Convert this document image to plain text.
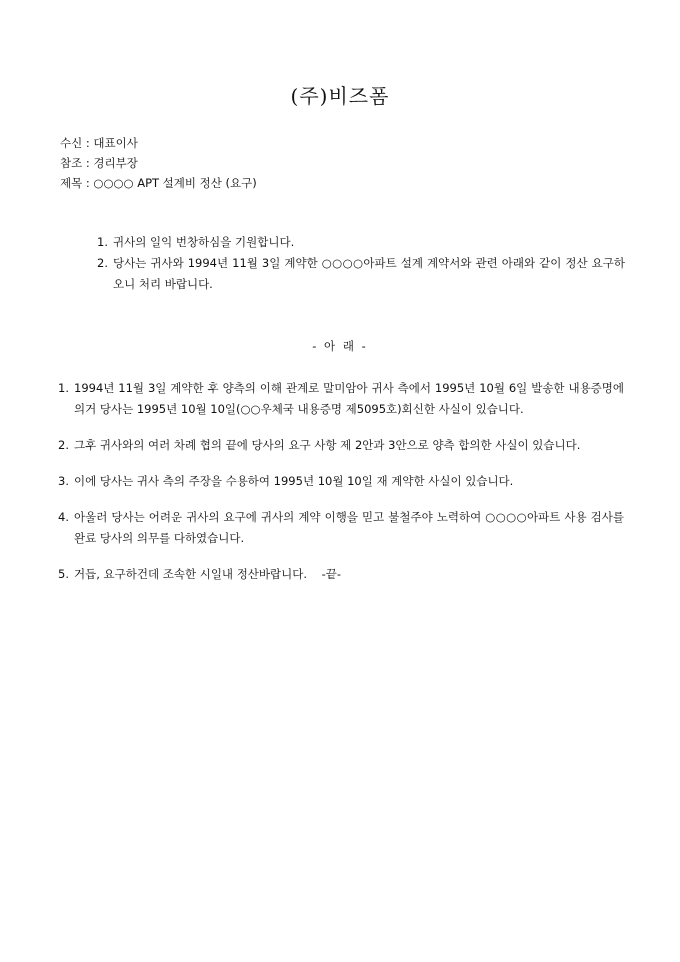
(주)비즈폼
수신 : 대표이사
참조 : 경리부장
제목 : ○○○○ APT 설계비 정산 (요구)
1. 귀사의 일익 번창하심을 기원합니다.
2. 당사는 귀사와 1994년 11월 3일 계약한 ○○○○아파트 설계 계약서와 관련 아래와 같이 정산 요구하오니 처리 바랍니다.
- 아 래 -
1. 1994년 11월 3일 계약한 후 양측의 이해 관계로 말미암아 귀사 측에서 1995년 10월 6일 발송한 내용증명에 의거 당사는 1995년 10월 10일(○○우체국 내용증명 제5095호)회신한 사실이 있습니다.
2. 그후 귀사와의 여러 차례 협의 끝에 당사의 요구 사항 제 2안과 3안으로 양측 합의한 사실이 있습니다.
3. 이에 당사는 귀사 측의 주장을 수용하여 1995년 10월 10일 재 계약한 사실이 있습니다.
4. 아울러 당사는 어려운 귀사의 요구에 귀사의 계약 이행을 믿고 불철주야 노력하여 ○○○○아파트 사용 검사를 완료 당사의 의무를 다하였습니다.
5. 거듭, 요구하건데 조속한 시일내 정산바랍니다.    -끝-
